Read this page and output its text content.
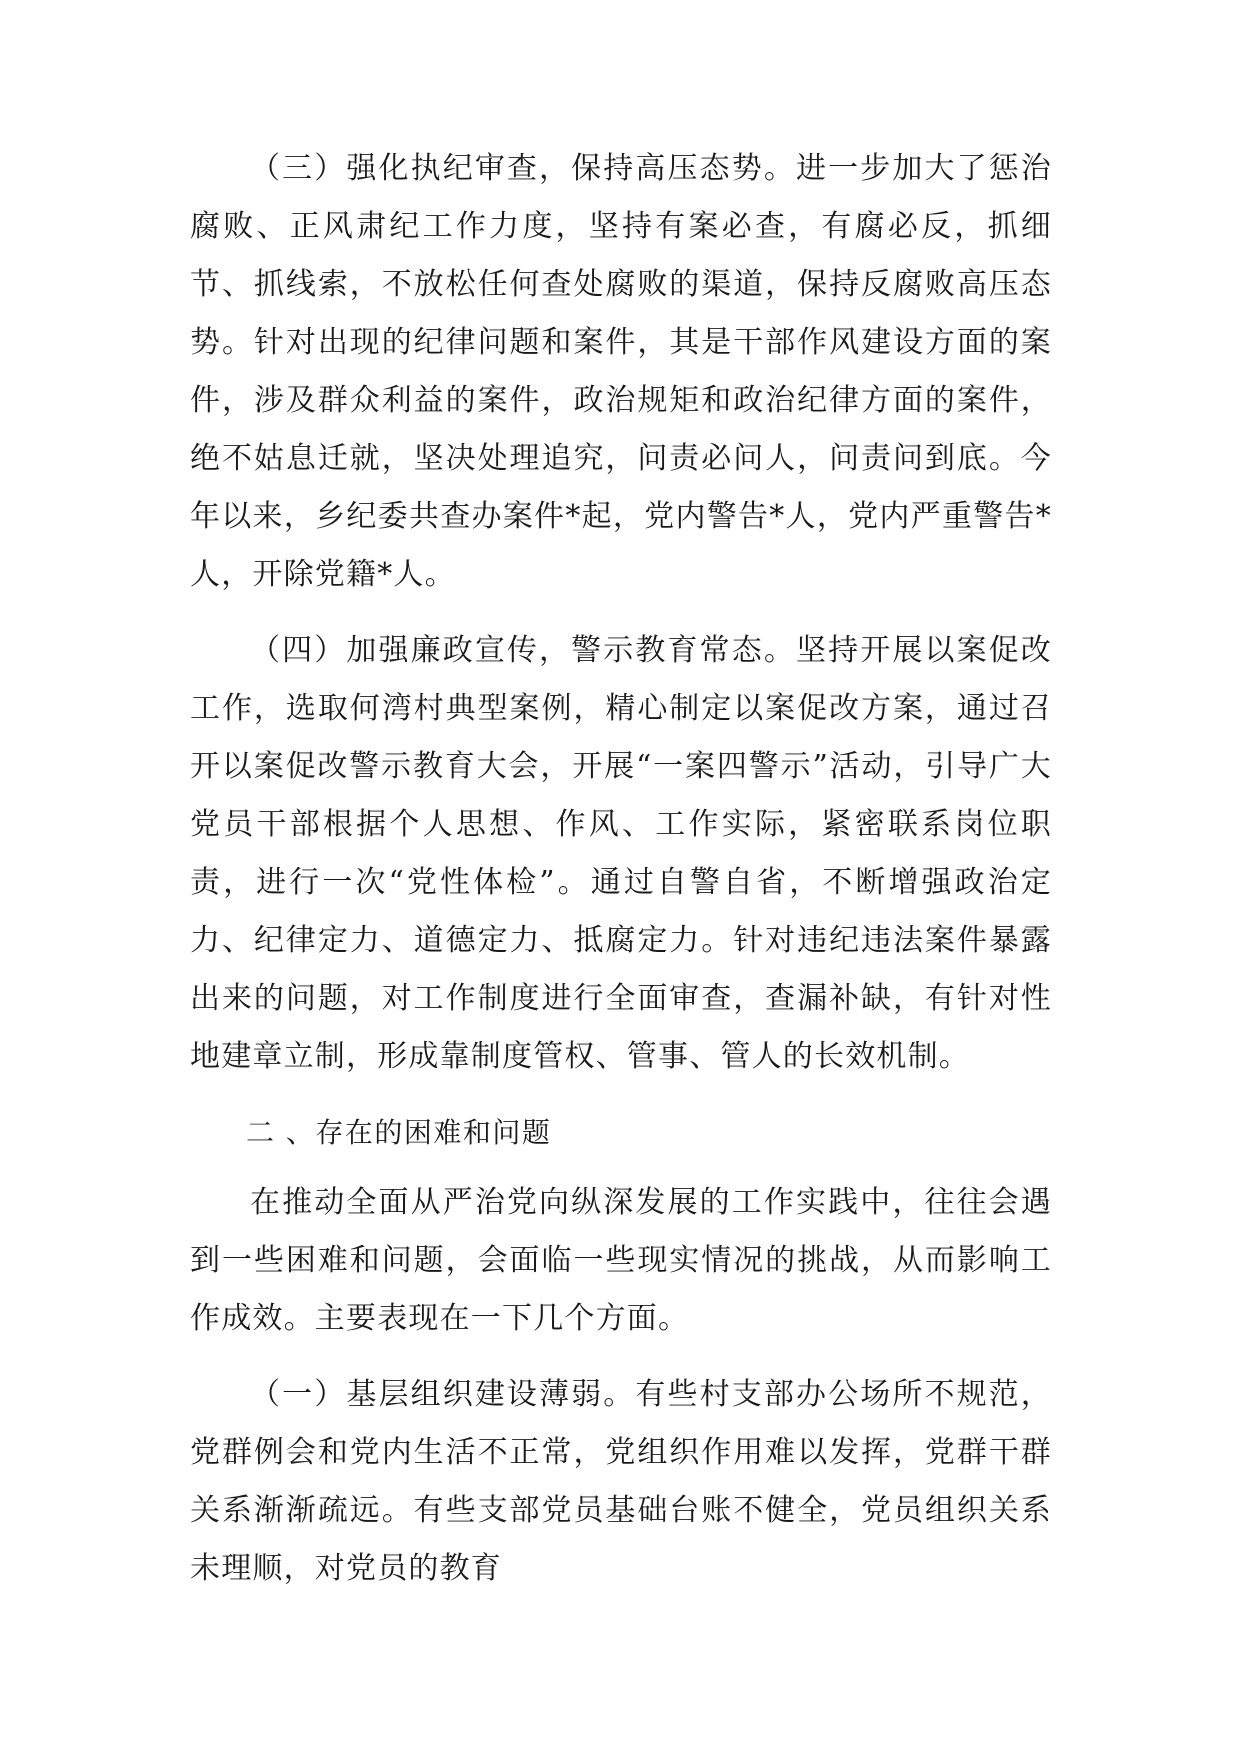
（三）强化执纪审查，保持高压态势。进一步加大了惩治腐败、正风肃纪工作力度，坚持有案必查，有腐必反，抓细节、抓线索，不放松任何查处腐败的渠道，保持反腐败高压态势。针对出现的纪律问题和案件，其是干部作风建设方面的案件，涉及群众利益的案件，政治规矩和政治纪律方面的案件，绝不姑息迁就，坚决处理追究，问责必问人，问责问到底。今年以来，乡纪委共查办案件*起，党内警告*人，党内严重警告*人，开除党籍*人。

（四）加强廉政宣传，警示教育常态。坚持开展以案促改工作，选取何湾村典型案例，精心制定以案促改方案，通过召开以案促改警示教育大会，开展“一案四警示”活动，引导广大党员干部根据个人思想、作风、工作实际，紧密联系岗位职责，进行一次“党性体检”。通过自警自省，不断增强政治定力、纪律定力、道德定力、抵腐定力。针对违纪违法案件暴露出来的问题，对工作制度进行全面审查，查漏补缺，有针对性地建章立制，形成靠制度管权、管事、管人的长效机制。

二 、存在的困难和问题

在推动全面从严治党向纵深发展的工作实践中，往往会遇到一些困难和问题，会面临一些现实情况的挑战，从而影响工作成效。主要表现在一下几个方面。

（一）基层组织建设薄弱。有些村支部办公场所不规范，党群例会和党内生活不正常，党组织作用难以发挥，党群干群关系渐渐疏远。有些支部党员基础台账不健全，党员组织关系未理顺，对党员的教育
